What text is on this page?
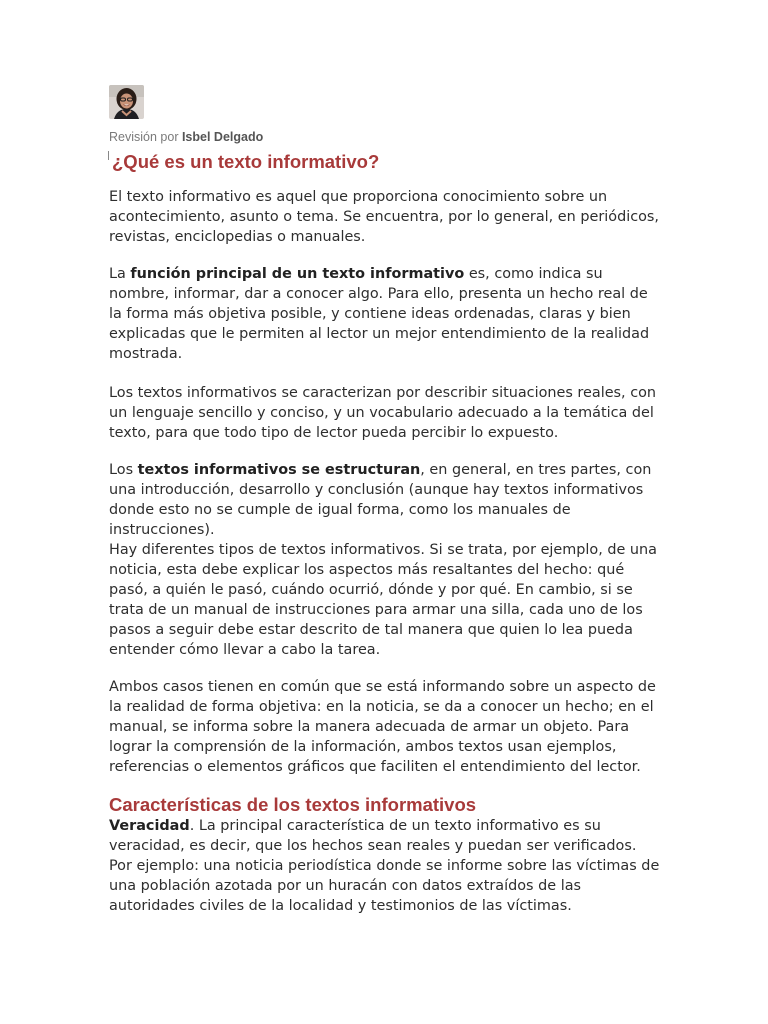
Revisión por Isbel Delgado
¿Qué es un texto informativo?

El texto informativo es aquel que proporciona conocimiento sobre un acontecimiento, asunto o tema. Se encuentra, por lo general, en periódicos, revistas, enciclopedias o manuales.

La función principal de un texto informativo es, como indica su nombre, informar, dar a conocer algo. Para ello, presenta un hecho real de la forma más objetiva posible, y contiene ideas ordenadas, claras y bien explicadas que le permiten al lector un mejor entendimiento de la realidad mostrada.

Los textos informativos se caracterizan por describir situaciones reales, con un lenguaje sencillo y conciso, y un vocabulario adecuado a la temática del texto, para que todo tipo de lector pueda percibir lo expuesto.

Los textos informativos se estructuran, en general, en tres partes, con una introducción, desarrollo y conclusión (aunque hay textos informativos donde esto no se cumple de igual forma, como los manuales de instrucciones).

Hay diferentes tipos de textos informativos. Si se trata, por ejemplo, de una noticia, esta debe explicar los aspectos más resaltantes del hecho: qué pasó, a quién le pasó, cuándo ocurrió, dónde y por qué. En cambio, si se trata de un manual de instrucciones para armar una silla, cada uno de los pasos a seguir debe estar descrito de tal manera que quien lo lea pueda entender cómo llevar a cabo la tarea.

Ambos casos tienen en común que se está informando sobre un aspecto de la realidad de forma objetiva: en la noticia, se da a conocer un hecho; en el manual, se informa sobre la manera adecuada de armar un objeto. Para lograr la comprensión de la información, ambos textos usan ejemplos, referencias o elementos gráficos que faciliten el entendimiento del lector.

Características de los textos informativos

Veracidad. La principal característica de un texto informativo es su veracidad, es decir, que los hechos sean reales y puedan ser verificados. Por ejemplo: una noticia periodística donde se informe sobre las víctimas de una población azotada por un huracán con datos extraídos de las autoridades civiles de la localidad y testimonios de las víctimas.
